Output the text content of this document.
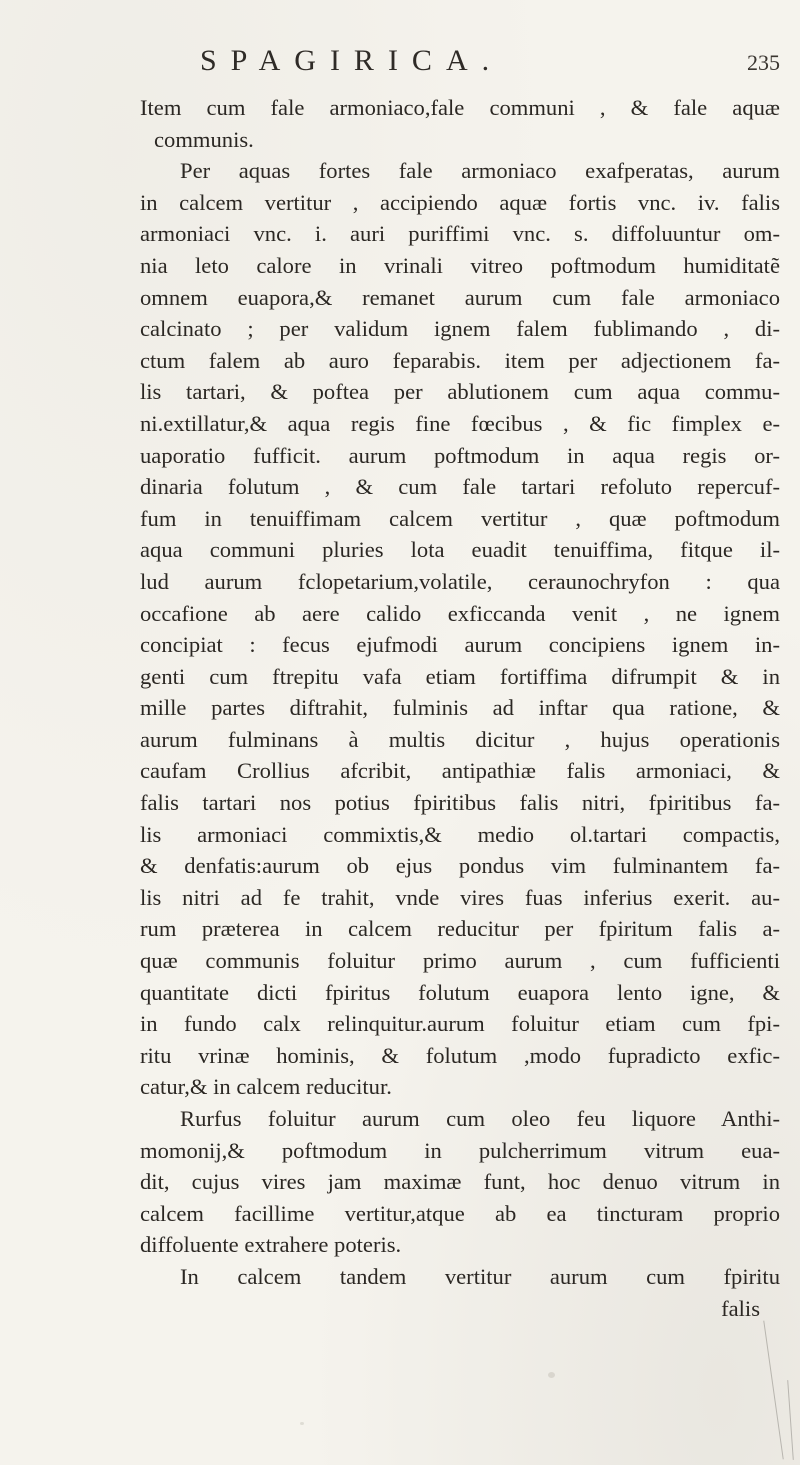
SPAGIRICA.	235
Item cum fale armoniaco,fale communi , & fale aquæ
communis.
Per aquas fortes fale armoniaco exafperatas, aurum
in calcem vertitur , accipiendo aquæ fortis vnc. iv. falis
armoniaci vnc. i. auri puriffimi vnc. s. diffoluuntur om-
nia leto calore in vrinali vitreo poftmodum humiditatẽ
omnem euapora,& remanet aurum cum fale armoniaco
calcinato ; per validum ignem falem fublimando , di-
ctum falem ab auro feparabis. item per adjectionem fa-
lis tartari, & poftea per ablutionem cum aqua commu-
ni.extillatur,& aqua regis fine fœcibus , & fic fimplex e-
uaporatio fufficit. aurum poftmodum in aqua regis or-
dinaria folutum , & cum fale tartari refoluto repercuf-
fum in tenuiffimam calcem vertitur , quæ poftmodum
aqua communi pluries lota euadit tenuiffima, fitque il-
lud aurum fclopetarium,volatile, ceraunochryfon : qua
occafione ab aere calido exficcanda venit , ne ignem
concipiat : fecus ejufmodi aurum concipiens ignem in-
genti cum ftrepitu vafa etiam fortiffima difrumpit & in
mille partes diftrahit, fulminis ad inftar qua ratione, &
aurum fulminans à multis dicitur , hujus operationis
caufam Crollius afcribit, antipathiæ falis armoniaci, &
falis tartari nos potius fpiritibus falis nitri, fpiritibus fa-
lis armoniaci commixtis,& medio ol.tartari compactis,
& denfatis:aurum ob ejus pondus vim fulminantem fa-
lis nitri ad fe trahit, vnde vires fuas inferius exerit. au-
rum præterea in calcem reducitur per fpiritum falis a-
quæ communis foluitur primo aurum , cum fufficienti
quantitate dicti fpiritus folutum euapora lento igne, &
in fundo calx relinquitur.aurum foluitur etiam cum fpi-
ritu vrinæ hominis, & folutum ,modo fupradicto exfic-
catur,& in calcem reducitur.
Rurfus foluitur aurum cum oleo feu liquore Anthi-
momonij,& poftmodum in pulcherrimum vitrum eua-
dit, cujus vires jam maximæ funt, hoc denuo vitrum in
calcem facillime vertitur,atque ab ea tincturam proprio
diffoluente extrahere poteris.
In calcem tandem vertitur aurum cum fpiritu
falis
